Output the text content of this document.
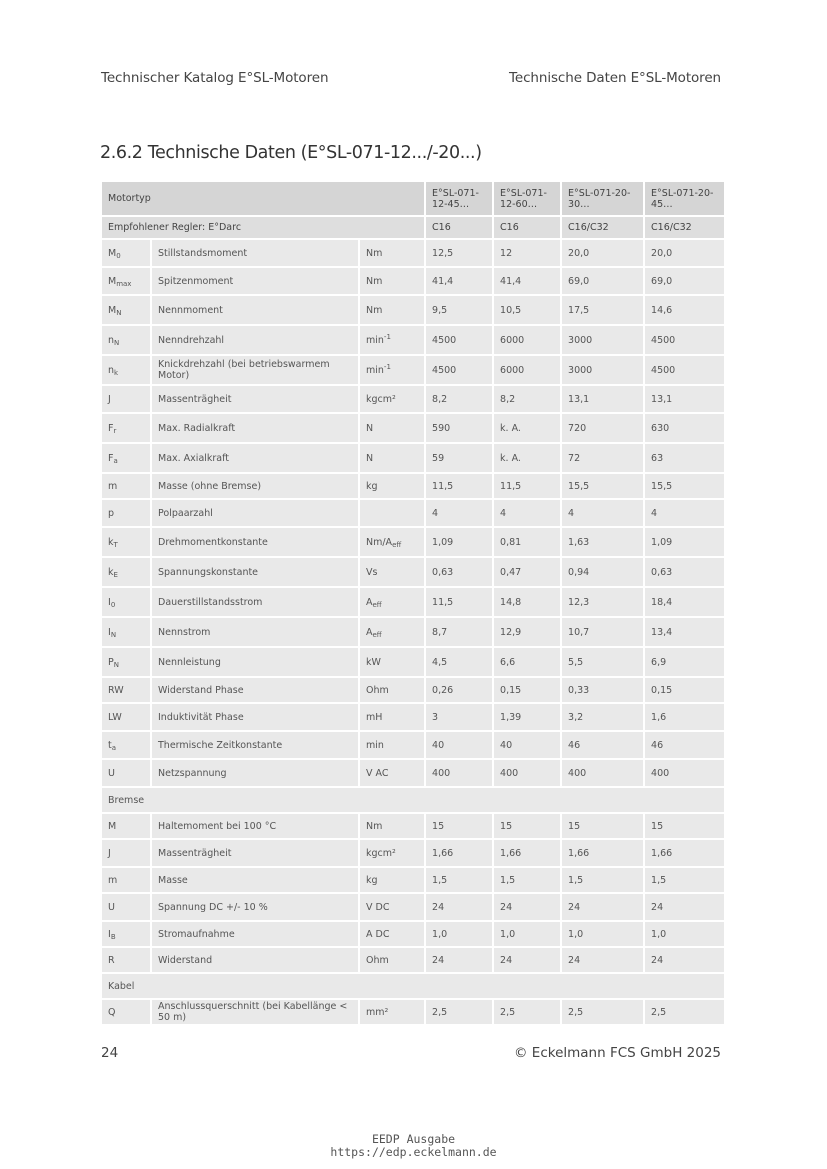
Technischer Katalog E°SL-Motoren	Technische Daten E°SL-Motoren
2.6.2 Technische Daten (E°SL-071-12.../-20...)
Motortyp			E°SL-071-12-45…	E°SL-071-12-60…	E°SL-071-20-30…	E°SL-071-20-45…
Empfohlener Regler: E°Darc			C16	C16	C16/C32	C16/C32
$M_0$	Stillstandsmoment	Nm	12,5	12	20,0	20,0
$M_{max}$	Spitzenmoment	Nm	41,4	41,4	69,0	69,0
$M_N$	Nennmoment	Nm	9,5	10,5	17,5	14,6
$n_N$	Nenndrehzahl	$\min^{-1}$	4500	6000	3000	4500
$n_k$	Knickdrehzahl (bei betriebswarmem Motor)	$\min^{-1}$	4500	6000	3000	4500
J	Massenträgheit	kgcm²	8,2	8,2	13,1	13,1
$F_r$	Max. Radialkraft	N	590	k. A.	720	630
$F_a$	Max. Axialkraft	N	59	k. A.	72	63
m	Masse (ohne Bremse)	kg	11,5	11,5	15,5	15,5
p	Polpaarzahl		4	4	4	4
$k_T$	Drehmomentkonstante	$Nm/A_{eff}$	1,09	0,81	1,63	1,09
$k_E$	Spannungskonstante	Vs	0,63	0,47	0,94	0,63
$I_0$	Dauerstillstandsstrom	$A_{eff}$	11,5	14,8	12,3	18,4
$I_N$	Nennstrom	$A_{eff}$	8,7	12,9	10,7	13,4
$P_N$	Nennleistung	kW	4,5	6,6	5,5	6,9
RW	Widerstand Phase	Ohm	0,26	0,15	0,33	0,15
LW	Induktivität Phase	mH	3	1,39	3,2	1,6
$t_a$	Thermische Zeitkonstante	min	40	40	46	46
U	Netzspannung	V AC	400	400	400	400
Bremse						
M	Haltemoment bei 100 °C	Nm	15	15	15	15
J	Massenträgheit	kgcm²	1,66	1,66	1,66	1,66
m	Masse	kg	1,5	1,5	1,5	1,5
U	Spannung DC +/- 10 %	V DC	24	24	24	24
$I_B$	Stromaufnahme	A DC	1,0	1,0	1,0	1,0
R	Widerstand	Ohm	24	24	24	24
Kabel						
Q	Anschlussquerschnitt (bei Kabellänge < 50 m)	mm²	2,5	2,5	2,5	2,5
24	© Eckelmann FCS GmbH 2025
EEDP Ausgabe
https://edp.eckelmann.de
